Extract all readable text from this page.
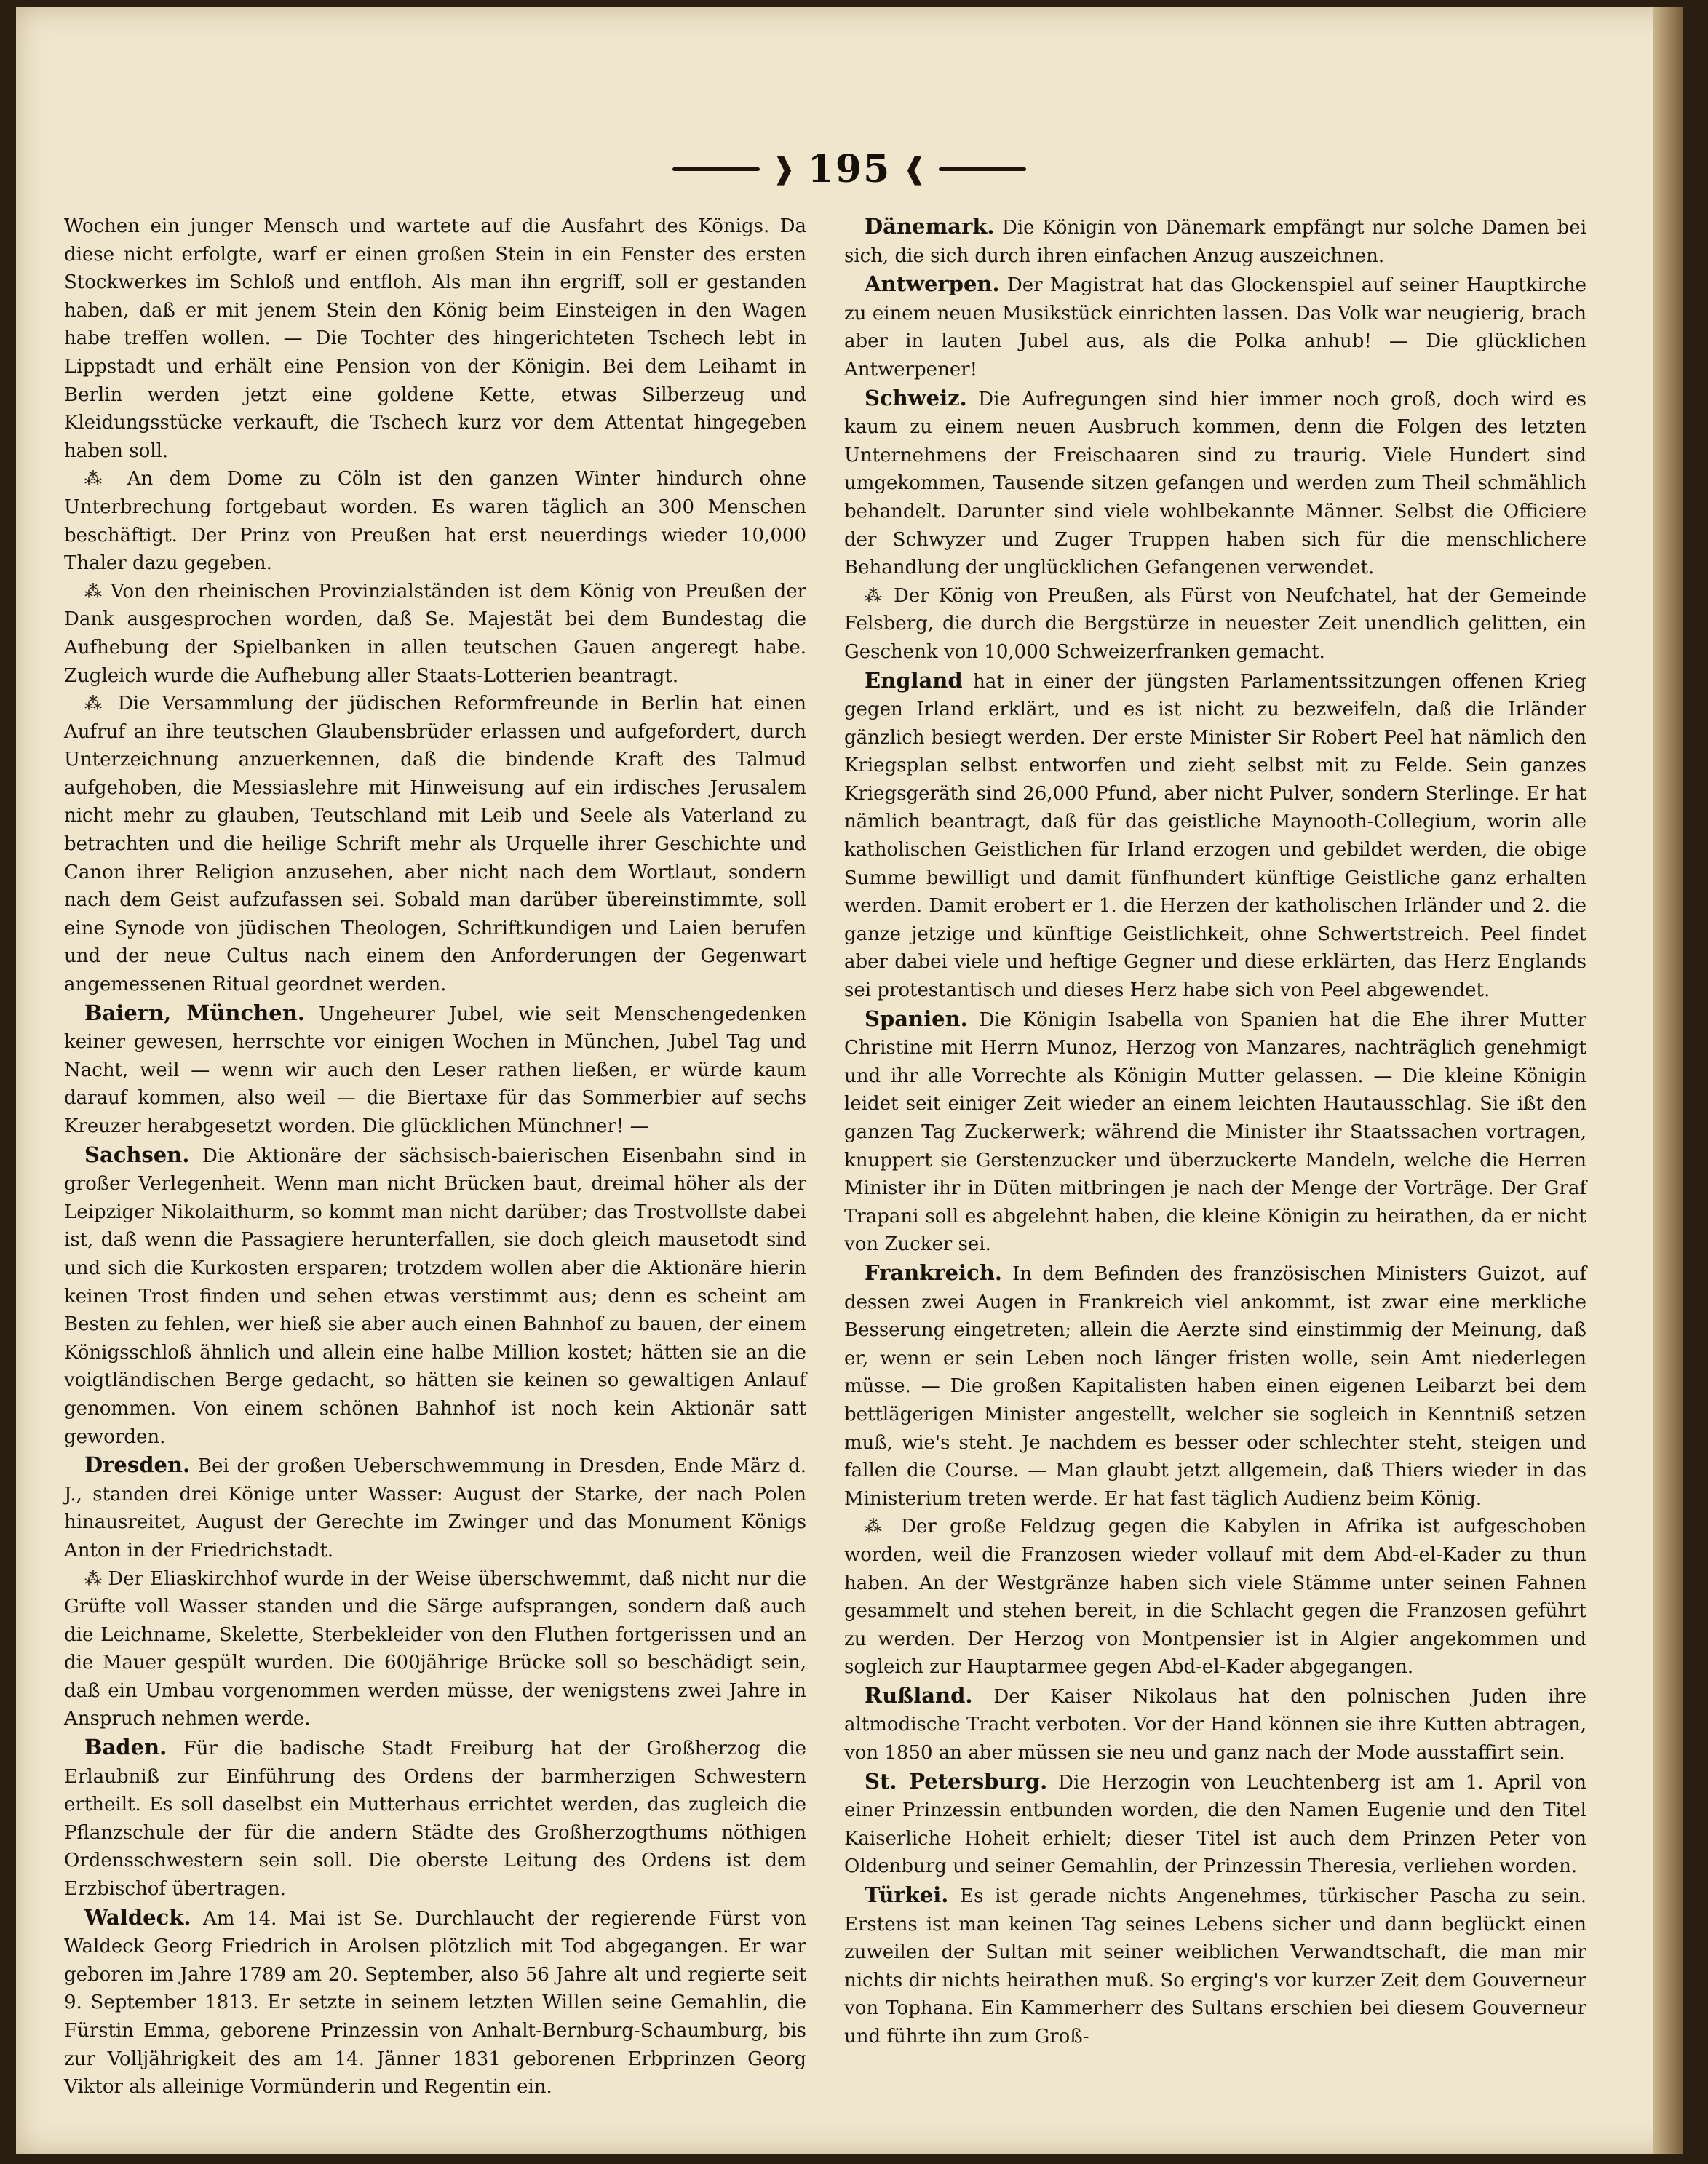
❱ 195 ❰

Wochen ein junger Mensch und wartete auf die Ausfahrt des Königs. Da diese nicht erfolgte, warf er einen großen Stein in ein Fenster des ersten Stockwerkes im Schloß und entfloh. Als man ihn ergriff, soll er gestanden haben, daß er mit jenem Stein den König beim Einsteigen in den Wagen habe treffen wollen. — Die Tochter des hingerichteten Tschech lebt in Lippstadt und erhält eine Pension von der Königin. Bei dem Leihamt in Berlin werden jetzt eine goldene Kette, etwas Silberzeug und Kleidungsstücke verkauft, die Tschech kurz vor dem Attentat hingegeben haben soll.

⁂ An dem Dome zu Cöln ist den ganzen Winter hindurch ohne Unterbrechung fortgebaut worden. Es waren täglich an 300 Menschen beschäftigt. Der Prinz von Preußen hat erst neuerdings wieder 10,000 Thaler dazu gegeben.

⁂ Von den rheinischen Provinzialständen ist dem König von Preußen der Dank ausgesprochen worden, daß Se. Majestät bei dem Bundestag die Aufhebung der Spielbanken in allen teutschen Gauen angeregt habe. Zugleich wurde die Aufhebung aller Staats-Lotterien beantragt.

⁂ Die Versammlung der jüdischen Reformfreunde in Berlin hat einen Aufruf an ihre teutschen Glaubensbrüder erlassen und aufgefordert, durch Unterzeichnung anzuerkennen, daß die bindende Kraft des Talmud aufgehoben, die Messiaslehre mit Hinweisung auf ein irdisches Jerusalem nicht mehr zu glauben, Teutschland mit Leib und Seele als Vaterland zu betrachten und die heilige Schrift mehr als Urquelle ihrer Geschichte und Canon ihrer Religion anzusehen, aber nicht nach dem Wortlaut, sondern nach dem Geist aufzufassen sei. Sobald man darüber übereinstimmte, soll eine Synode von jüdischen Theologen, Schriftkundigen und Laien berufen und der neue Cultus nach einem den Anforderungen der Gegenwart angemessenen Ritual geordnet werden.

Baiern, München. Ungeheurer Jubel, wie seit Menschengedenken keiner gewesen, herrschte vor einigen Wochen in München, Jubel Tag und Nacht, weil — wenn wir auch den Leser rathen ließen, er würde kaum darauf kommen, also weil — die Biertaxe für das Sommerbier auf sechs Kreuzer herabgesetzt worden. Die glücklichen Münchner! —

Sachsen. Die Aktionäre der sächsisch-baierischen Eisenbahn sind in großer Verlegenheit. Wenn man nicht Brücken baut, dreimal höher als der Leipziger Nikolaithurm, so kommt man nicht darüber; das Trostvollste dabei ist, daß wenn die Passagiere herunterfallen, sie doch gleich mausetodt sind und sich die Kurkosten ersparen; trotzdem wollen aber die Aktionäre hierin keinen Trost finden und sehen etwas verstimmt aus; denn es scheint am Besten zu fehlen, wer hieß sie aber auch einen Bahnhof zu bauen, der einem Königsschloß ähnlich und allein eine halbe Million kostet; hätten sie an die voigtländischen Berge gedacht, so hätten sie keinen so gewaltigen Anlauf genommen. Von einem schönen Bahnhof ist noch kein Aktionär satt geworden.

Dresden. Bei der großen Ueberschwemmung in Dresden, Ende März d. J., standen drei Könige unter Wasser: August der Starke, der nach Polen hinausreitet, August der Gerechte im Zwinger und das Monument Königs Anton in der Friedrichstadt.

⁂ Der Eliaskirchhof wurde in der Weise überschwemmt, daß nicht nur die Grüfte voll Wasser standen und die Särge aufsprangen, sondern daß auch die Leichname, Skelette, Sterbekleider von den Fluthen fortgerissen und an die Mauer gespült wurden. Die 600jährige Brücke soll so beschädigt sein, daß ein Umbau vorgenommen werden müsse, der wenigstens zwei Jahre in Anspruch nehmen werde.

Baden. Für die badische Stadt Freiburg hat der Großherzog die Erlaubniß zur Einführung des Ordens der barmherzigen Schwestern ertheilt. Es soll daselbst ein Mutterhaus errichtet werden, das zugleich die Pflanzschule der für die andern Städte des Großherzogthums nöthigen Ordensschwestern sein soll. Die oberste Leitung des Ordens ist dem Erzbischof übertragen.

Waldeck. Am 14. Mai ist Se. Durchlaucht der regierende Fürst von Waldeck Georg Friedrich in Arolsen plötzlich mit Tod abgegangen. Er war geboren im Jahre 1789 am 20. September, also 56 Jahre alt und regierte seit 9. September 1813. Er setzte in seinem letzten Willen seine Gemahlin, die Fürstin Emma, geborene Prinzessin von Anhalt-Bernburg-Schaumburg, bis zur Volljährigkeit des am 14. Jänner 1831 geborenen Erbprinzen Georg Viktor als alleinige Vormünderin und Regentin ein.

Dänemark. Die Königin von Dänemark empfängt nur solche Damen bei sich, die sich durch ihren einfachen Anzug auszeichnen.

Antwerpen. Der Magistrat hat das Glockenspiel auf seiner Hauptkirche zu einem neuen Musikstück einrichten lassen. Das Volk war neugierig, brach aber in lauten Jubel aus, als die Polka anhub! — Die glücklichen Antwerpener!

Schweiz. Die Aufregungen sind hier immer noch groß, doch wird es kaum zu einem neuen Ausbruch kommen, denn die Folgen des letzten Unternehmens der Freischaaren sind zu traurig. Viele Hundert sind umgekommen, Tausende sitzen gefangen und werden zum Theil schmählich behandelt. Darunter sind viele wohlbekannte Männer. Selbst die Officiere der Schwyzer und Zuger Truppen haben sich für die menschlichere Behandlung der unglücklichen Gefangenen verwendet.

⁂ Der König von Preußen, als Fürst von Neufchatel, hat der Gemeinde Felsberg, die durch die Bergstürze in neuester Zeit unendlich gelitten, ein Geschenk von 10,000 Schweizerfranken gemacht.

England hat in einer der jüngsten Parlamentssitzungen offenen Krieg gegen Irland erklärt, und es ist nicht zu bezweifeln, daß die Irländer gänzlich besiegt werden. Der erste Minister Sir Robert Peel hat nämlich den Kriegsplan selbst entworfen und zieht selbst mit zu Felde. Sein ganzes Kriegsgeräth sind 26,000 Pfund, aber nicht Pulver, sondern Sterlinge. Er hat nämlich beantragt, daß für das geistliche Maynooth-Collegium, worin alle katholischen Geistlichen für Irland erzogen und gebildet werden, die obige Summe bewilligt und damit fünfhundert künftige Geistliche ganz erhalten werden. Damit erobert er 1. die Herzen der katholischen Irländer und 2. die ganze jetzige und künftige Geistlichkeit, ohne Schwertstreich. Peel findet aber dabei viele und heftige Gegner und diese erklärten, das Herz Englands sei protestantisch und dieses Herz habe sich von Peel abgewendet.

Spanien. Die Königin Isabella von Spanien hat die Ehe ihrer Mutter Christine mit Herrn Munoz, Herzog von Manzares, nachträglich genehmigt und ihr alle Vorrechte als Königin Mutter gelassen. — Die kleine Königin leidet seit einiger Zeit wieder an einem leichten Hautausschlag. Sie ißt den ganzen Tag Zuckerwerk; während die Minister ihr Staatssachen vortragen, knuppert sie Gerstenzucker und überzuckerte Mandeln, welche die Herren Minister ihr in Düten mitbringen je nach der Menge der Vorträge. Der Graf Trapani soll es abgelehnt haben, die kleine Königin zu heirathen, da er nicht von Zucker sei.

Frankreich. In dem Befinden des französischen Ministers Guizot, auf dessen zwei Augen in Frankreich viel ankommt, ist zwar eine merkliche Besserung eingetreten; allein die Aerzte sind einstimmig der Meinung, daß er, wenn er sein Leben noch länger fristen wolle, sein Amt niederlegen müsse. — Die großen Kapitalisten haben einen eigenen Leibarzt bei dem bettlägerigen Minister angestellt, welcher sie sogleich in Kenntniß setzen muß, wie's steht. Je nachdem es besser oder schlechter steht, steigen und fallen die Course. — Man glaubt jetzt allgemein, daß Thiers wieder in das Ministerium treten werde. Er hat fast täglich Audienz beim König.

⁂ Der große Feldzug gegen die Kabylen in Afrika ist aufgeschoben worden, weil die Franzosen wieder vollauf mit dem Abd-el-Kader zu thun haben. An der Westgränze haben sich viele Stämme unter seinen Fahnen gesammelt und stehen bereit, in die Schlacht gegen die Franzosen geführt zu werden. Der Herzog von Montpensier ist in Algier angekommen und sogleich zur Hauptarmee gegen Abd-el-Kader abgegangen.

Rußland. Der Kaiser Nikolaus hat den polnischen Juden ihre altmodische Tracht verboten. Vor der Hand können sie ihre Kutten abtragen, von 1850 an aber müssen sie neu und ganz nach der Mode ausstaffirt sein.

St. Petersburg. Die Herzogin von Leuchtenberg ist am 1. April von einer Prinzessin entbunden worden, die den Namen Eugenie und den Titel Kaiserliche Hoheit erhielt; dieser Titel ist auch dem Prinzen Peter von Oldenburg und seiner Gemahlin, der Prinzessin Theresia, verliehen worden.

Türkei. Es ist gerade nichts Angenehmes, türkischer Pascha zu sein. Erstens ist man keinen Tag seines Lebens sicher und dann beglückt einen zuweilen der Sultan mit seiner weiblichen Verwandtschaft, die man mir nichts dir nichts heirathen muß. So erging's vor kurzer Zeit dem Gouverneur von Tophana. Ein Kammerherr des Sultans erschien bei diesem Gouverneur und führte ihn zum Groß-
